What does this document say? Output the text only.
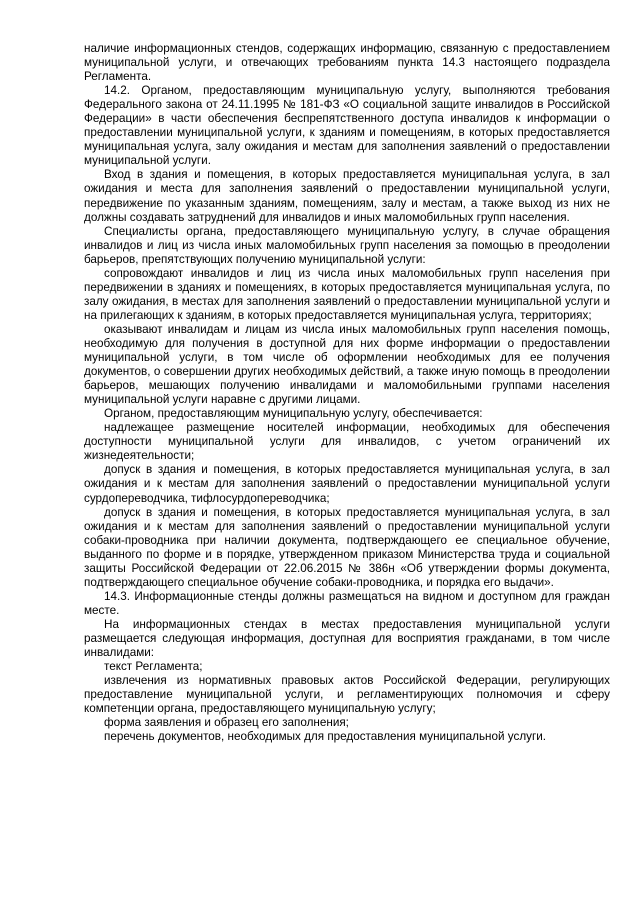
наличие информационных стендов, содержащих информацию, связанную с предоставлением муниципальной услуги, и отвечающих требованиям пункта 14.3 настоящего подраздела Регламента.

14.2. Органом, предоставляющим муниципальную услугу, выполняются требования Федерального закона от 24.11.1995 № 181-ФЗ «О социальной защите инвалидов в Российской Федерации» в части обеспечения беспрепятственного доступа инвалидов к информации о предоставлении муниципальной услуги, к зданиям и помещениям, в которых предоставляется муниципальная услуга, залу ожидания и местам для заполнения заявлений о предоставлении муниципальной услуги.

Вход в здания и помещения, в которых предоставляется муниципальная услуга, в зал ожидания и места для заполнения заявлений о предоставлении муниципальной услуги, передвижение по указанным зданиям, помещениям, залу и местам, а также выход из них не должны создавать затруднений для инвалидов и иных маломобильных групп населения.

Специалисты органа, предоставляющего муниципальную услугу, в случае обращения инвалидов и лиц из числа иных маломобильных групп населения за помощью в преодолении барьеров, препятствующих получению муниципальной услуги:

сопровождают инвалидов и лиц из числа иных маломобильных групп населения при передвижении в зданиях и помещениях, в которых предоставляется муниципальная услуга, по залу ожидания, в местах для заполнения заявлений о предоставлении муниципальной услуги и на прилегающих к зданиям, в которых предоставляется муниципальная услуга, территориях;

оказывают инвалидам и лицам из числа иных маломобильных групп населения помощь, необходимую для получения в доступной для них форме информации о предоставлении муниципальной услуги, в том числе об оформлении необходимых для ее получения документов, о совершении других необходимых действий, а также иную помощь в преодолении барьеров, мешающих получению инвалидами и маломобильными группами населения муниципальной услуги наравне с другими лицами.

Органом, предоставляющим муниципальную услугу, обеспечивается:

надлежащее размещение носителей информации, необходимых для обеспечения доступности муниципальной услуги для инвалидов, с учетом ограничений их жизнедеятельности;

допуск в здания и помещения, в которых предоставляется муниципальная услуга, в зал ожидания и к местам для заполнения заявлений о предоставлении муниципальной услуги сурдопереводчика, тифлосурдопереводчика;

допуск в здания и помещения, в которых предоставляется муниципальная услуга, в зал ожидания и к местам для заполнения заявлений о предоставлении муниципальной услуги собаки-проводника при наличии документа, подтверждающего ее специальное обучение, выданного по форме и в порядке, утвержденном приказом Министерства труда и социальной защиты Российской Федерации от 22.06.2015 № 386н «Об утверждении формы документа, подтверждающего специальное обучение собаки-проводника, и порядка его выдачи».

14.3. Информационные стенды должны размещаться на видном и доступном для граждан месте.

На информационных стендах в местах предоставления муниципальной услуги размещается следующая информация, доступная для восприятия гражданами, в том числе инвалидами:

текст Регламента;

извлечения из нормативных правовых актов Российской Федерации, регулирующих предоставление муниципальной услуги, и регламентирующих полномочия и сферу компетенции органа, предоставляющего муниципальную услугу;

форма заявления и образец его заполнения;

перечень документов, необходимых для предоставления муниципальной услуги.
